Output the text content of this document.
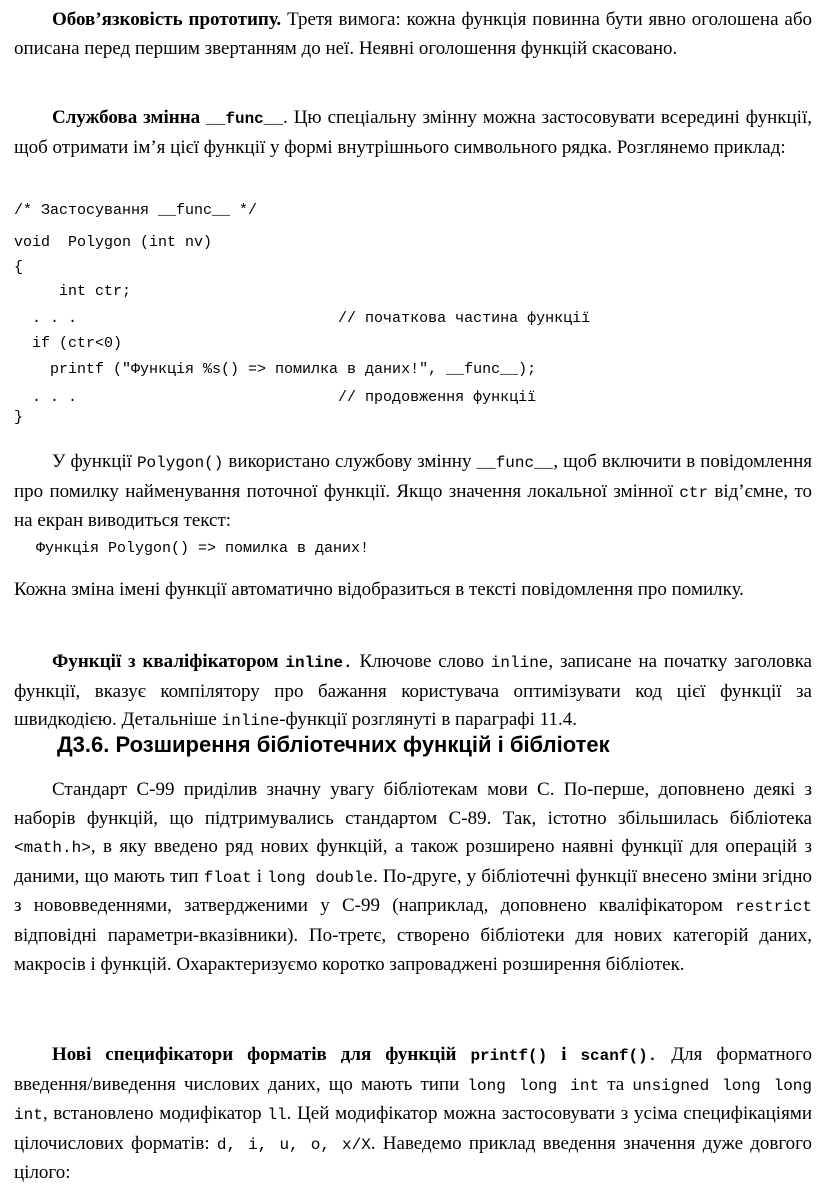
Обов’язковість прототипу. Третя вимога: кожна функція повинна бути явно оголошена або описана перед першим звертанням до неї. Неявні оголошення функцій скасовано.
Службова змінна __func__. Цю спеціальну змінну можна застосовувати всередині функції, щоб отримати ім’я цієї функції у формі внутрішнього символьного рядка. Розглянемо приклад:
/* Застосування __func__ */
void  Polygon (int nv)
{
int ctr;
. . .                             // початкова частина функції
if (ctr<0)
printf ("Функція %s() => помилка в даних!", __func__);
. . .                             // продовження функції
}
У функції Polygon() використано службову змінну __func__, щоб включити в повідомлення про помилку найменування поточної функції. Якщо значення локальної змінної ctr від’ємне, то на екран виводиться текст:
Функція Polygon() => помилка в даних!
Кожна зміна імені функції автоматично відобразиться в тексті повідомлення про помилку.
Функції з кваліфікатором inline. Ключове слово inline, записане на початку заголовка функції, вказує компілятору про бажання користувача оптимізувати код цієї функції за швидкодією. Детальніше inline-функції розглянуті в параграфі 11.4.
Д3.6. Розширення бібліотечних функцій і бібліотек
Стандарт С-99 приділив значну увагу бібліотекам мови С. По-перше, доповнено деякі з наборів функцій, що підтримувались стандартом С-89. Так, істотно збільшилась бібліотека <math.h>, в яку введено ряд нових функцій, а також розширено наявні функції для операцій з даними, що мають тип float і long double. По-друге, у бібліотечні функції внесено зміни згідно з нововведеннями, затвердженими у С-99 (наприклад, доповнено кваліфікатором restrict відповідні параметри-вказівники). По-третє, створено бібліотеки для нових категорій даних, макросів і функцій. Охарактеризуємо коротко запроваджені розширення бібліотек.
Нові специфікатори форматів для функцій printf() і scanf(). Для форматного введення/виведення числових даних, що мають типи long long int та unsigned long long int, встановлено модифікатор ll. Цей модифікатор можна застосовувати з усіма специфікаціями цілочислових форматів: d, i, u, o, x/X. Наведемо приклад введення значення дуже довгого цілого:
